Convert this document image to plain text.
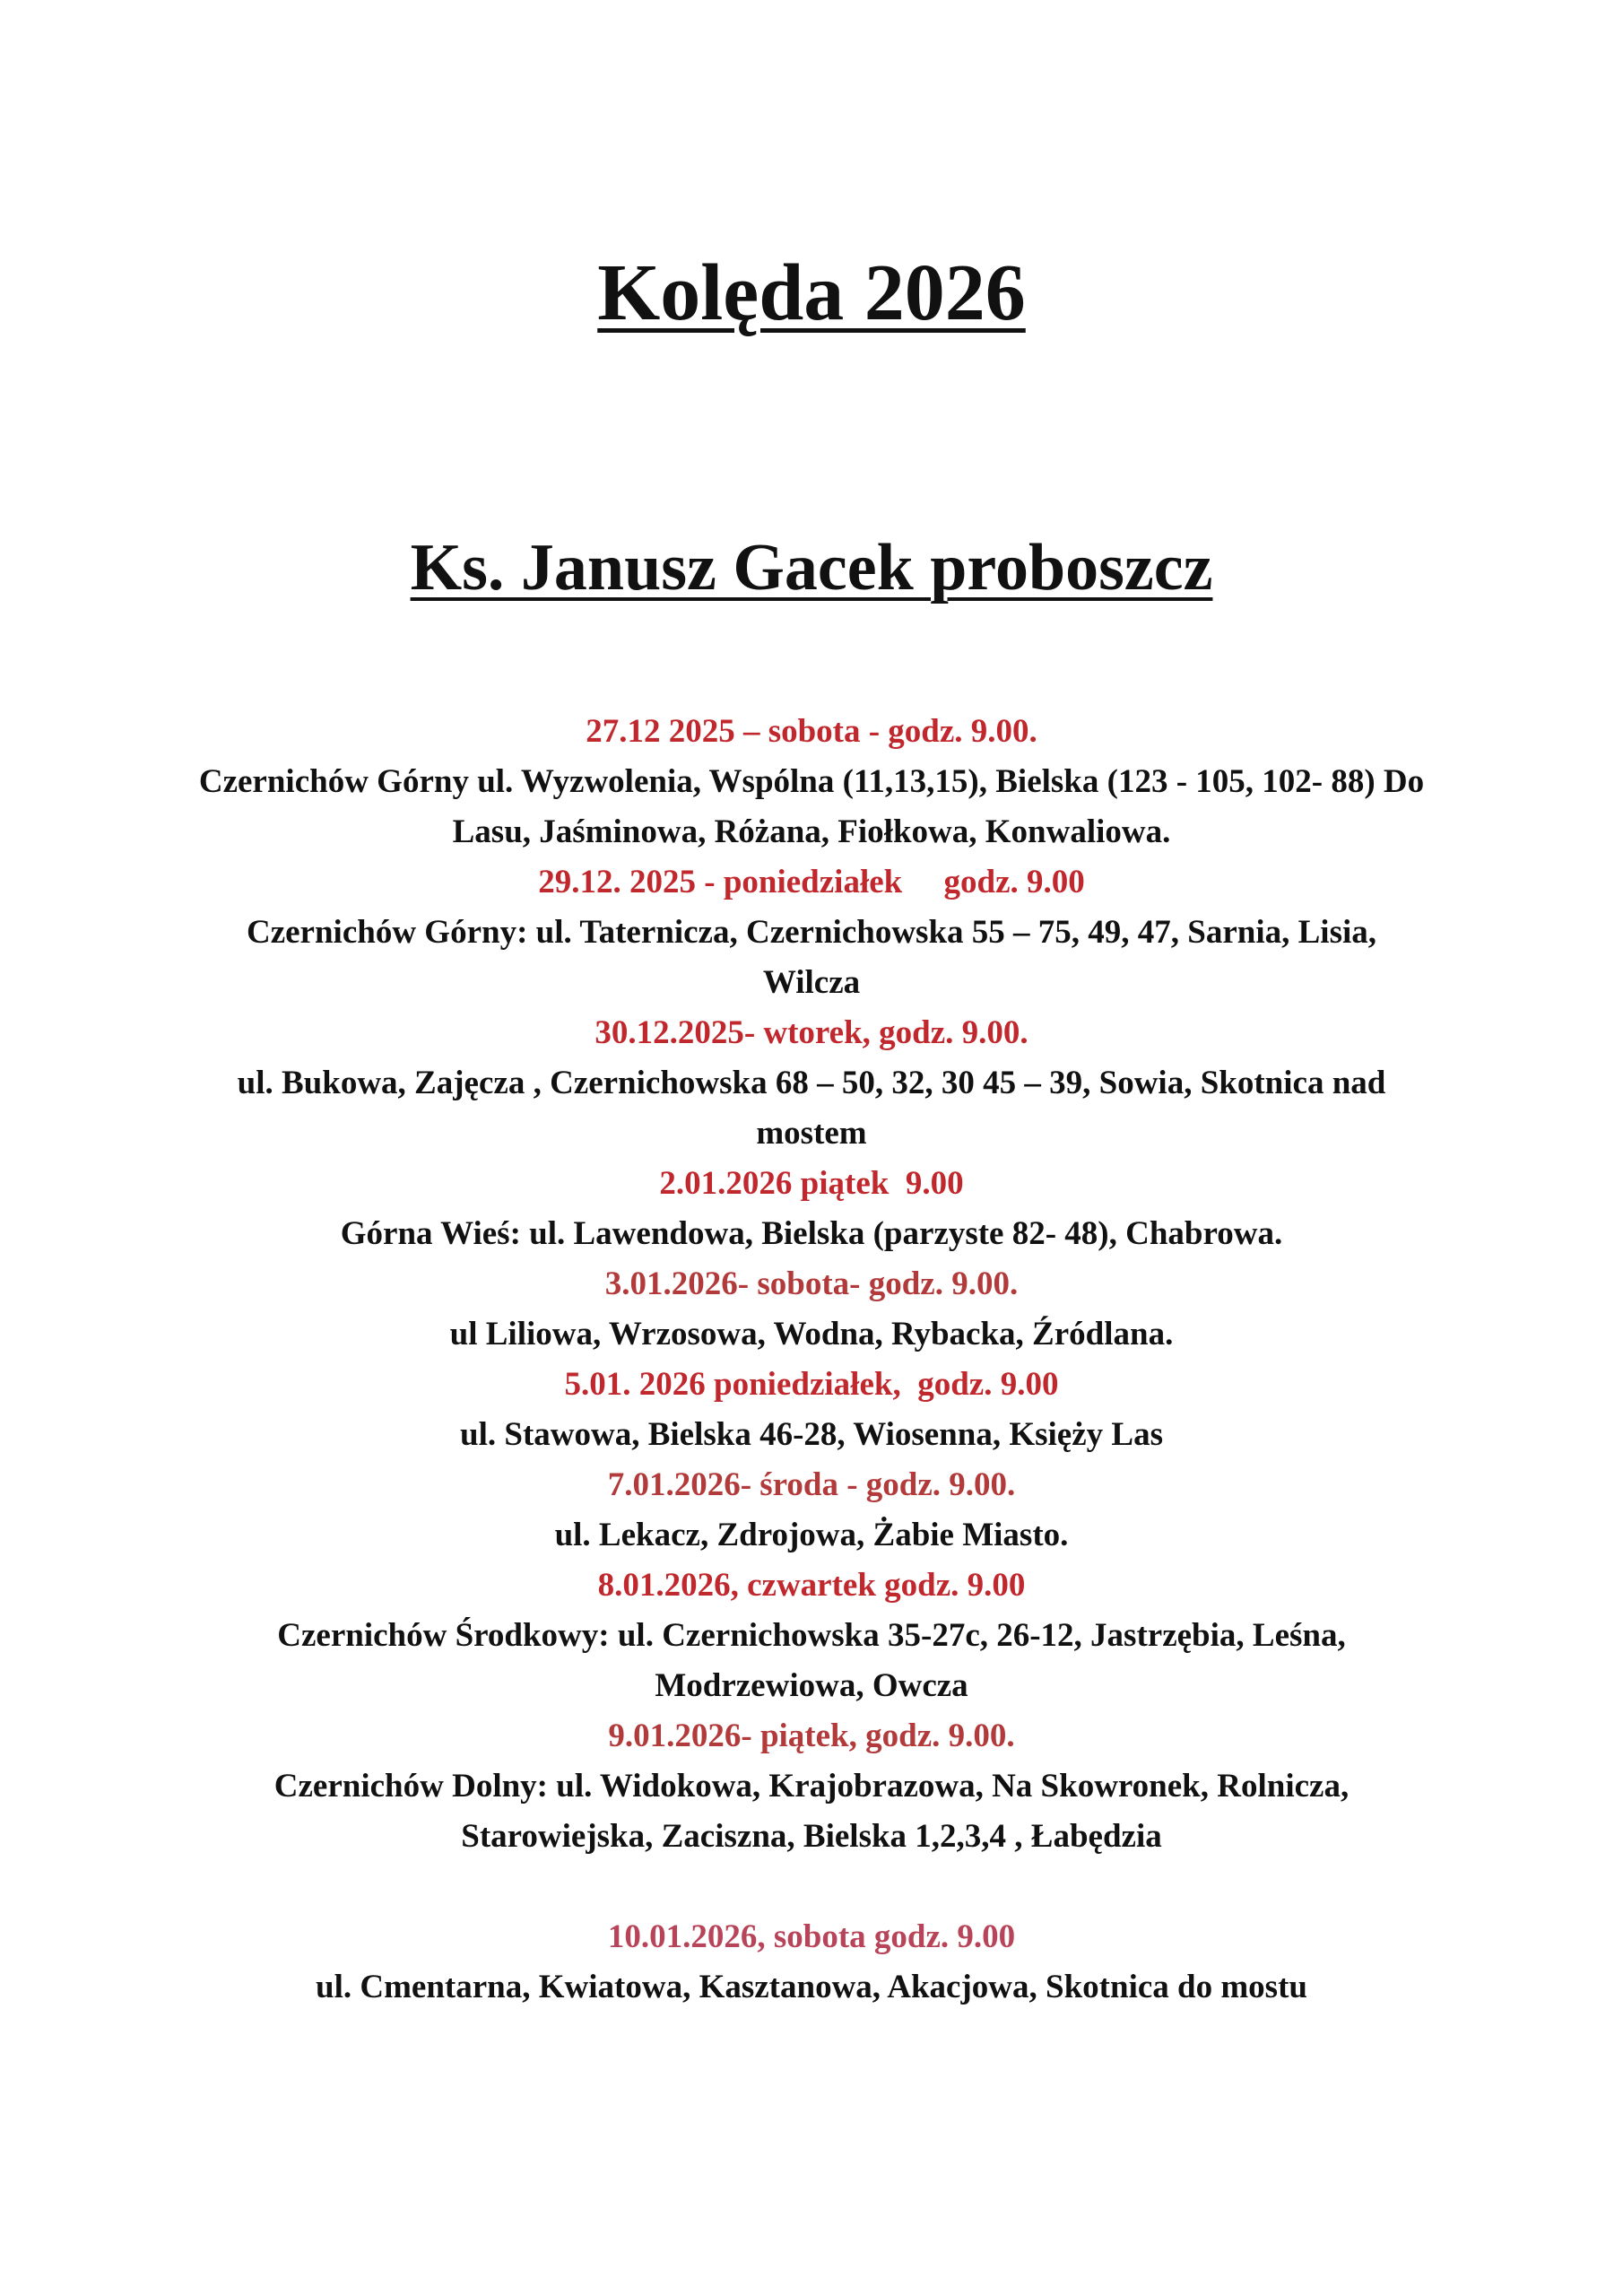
Kolęda 2026
Ks. Janusz Gacek proboszcz
27.12 2025 – sobota - godz. 9.00.
Czernichów Górny ul. Wyzwolenia, Wspólna (11,13,15), Bielska (123 - 105, 102- 88) Do Lasu, Jaśminowa, Różana, Fiołkowa, Konwaliowa.
29.12. 2025 - poniedziałek     godz. 9.00
Czernichów Górny: ul. Taternicza, Czernichowska 55 – 75, 49, 47, Sarnia, Lisia, Wilcza
30.12.2025- wtorek, godz. 9.00.
ul. Bukowa, Zajęcza , Czernichowska 68 – 50, 32, 30 45 – 39, Sowia, Skotnica nad mostem
2.01.2026 piątek  9.00
Górna Wieś: ul. Lawendowa, Bielska (parzyste 82- 48), Chabrowa.
3.01.2026- sobota- godz. 9.00.
ul Liliowa, Wrzosowa, Wodna, Rybacka, Źródlana.
5.01. 2026 poniedziałek,  godz. 9.00
ul. Stawowa, Bielska 46-28, Wiosenna, Księży Las
7.01.2026- środa - godz. 9.00.
ul. Lekacz, Zdrojowa, Żabie Miasto.
8.01.2026, czwartek godz. 9.00
Czernichów Środkowy: ul. Czernichowska 35-27c, 26-12, Jastrzębia, Leśna, Modrzewiowa, Owcza
9.01.2026- piątek, godz. 9.00.
Czernichów Dolny: ul. Widokowa, Krajobrazowa, Na Skowronek, Rolnicza, Starowiejska, Zaciszna, Bielska 1,2,3,4 , Łabędzia
10.01.2026, sobota godz. 9.00
ul. Cmentarna, Kwiatowa, Kasztanowa, Akacjowa, Skotnica do mostu
